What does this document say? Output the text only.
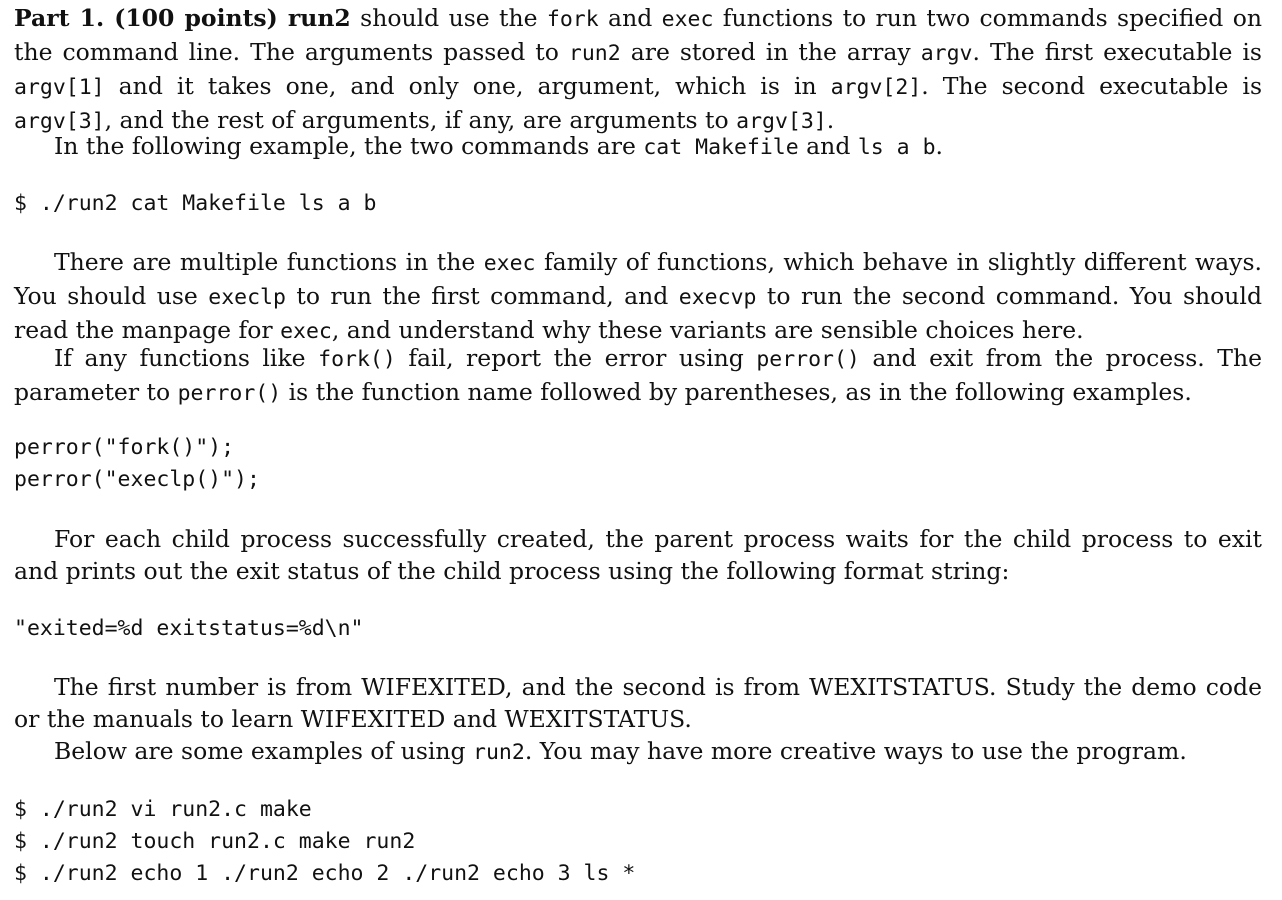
Part 1. (100 points) run2 should use the fork and exec functions to run two commands specified on the command line. The arguments passed to run2 are stored in the array argv. The first executable is argv[1] and it takes one, and only one, argument, which is in argv[2]. The second executable is argv[3], and the rest of arguments, if any, are arguments to argv[3].

In the following example, the two commands are cat Makefile and ls a b.

$ ./run2 cat Makefile ls a b

There are multiple functions in the exec family of functions, which behave in slightly different ways. You should use execlp to run the first command, and execvp to run the second command. You should read the manpage for exec, and understand why these variants are sensible choices here.

If any functions like fork() fail, report the error using perror() and exit from the process. The parameter to perror() is the function name followed by parentheses, as in the following examples.

perror("fork()");
perror("execlp()");

For each child process successfully created, the parent process waits for the child process to exit and prints out the exit status of the child process using the following format string:

"exited=%d exitstatus=%d\n"

The first number is from WIFEXITED, and the second is from WEXITSTATUS. Study the demo code or the manuals to learn WIFEXITED and WEXITSTATUS.

Below are some examples of using run2. You may have more creative ways to use the program.

$ ./run2 vi run2.c make
$ ./run2 touch run2.c make run2
$ ./run2 echo 1 ./run2 echo 2 ./run2 echo 3 ls *
